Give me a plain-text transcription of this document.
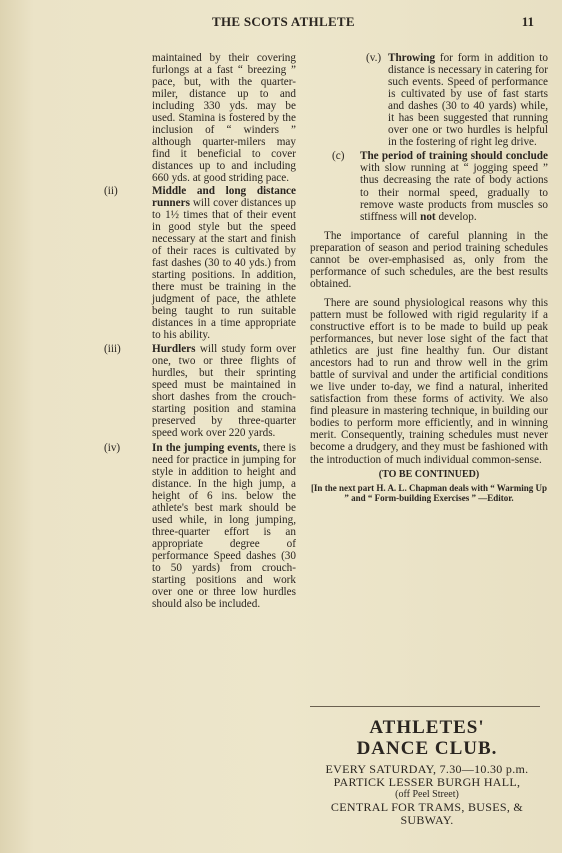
THE SCOTS ATHLETE	11
maintained by their covering furlongs at a fast “ breezing ” pace, but, with the quarter-miler, distance up to and including 330 yds. may be used. Stamina is fostered by the inclusion of “ winders ” although quarter-milers may find it beneficial to cover distances up to and including 660 yds. at good striding pace.
(ii)	Middle and long distance runners will cover distances up to 1½ times that of their event in good style but the speed necessary at the start and finish of their races is cultivated by fast dashes (30 to 40 yds.) from starting positions. In addition, there must be training in the judgment of pace, the athlete being taught to run suitable distances in a time appropriate to his ability.
(iii)	Hurdlers will study form over one, two or three flights of hurdles, but their sprinting speed must be maintained in short dashes from the crouch-starting position and stamina preserved by three-quarter speed work over 220 yards.
(iv)	In the jumping events, there is need for practice in jumping for style in addition to height and distance. In the high jump, a height of 6 ins. below the athlete's best mark should be used while, in long jumping, three-quarter effort is an appropriate degree of performance Speed dashes (30 to 50 yards) from crouch-starting positions and work over one or three low hurdles should also be included.
(v.) Throwing for form in addition to distance is necessary in catering for such events. Speed of performance is cultivated by use of fast starts and dashes (30 to 40 yards) while, it has been suggested that running over one or two hurdles is helpful in the fostering of right leg drive.
(c) The period of training should conclude with slow running at “ jogging speed ” thus decreasing the rate of body actions to their normal speed, gradually to remove waste products from muscles so stiffness will not develop.
The importance of careful planning in the preparation of season and period training schedules cannot be over-emphasised as, only from the performance of such schedules, are the best results obtained.
There are sound physiological reasons why this pattern must be followed with rigid regularity if a constructive effort is to be made to build up peak performances, but never lose sight of the fact that athletics are just fine healthy fun. Our distant ancestors had to run and throw well in the grim battle of survival and under the artificial conditions we live under to-day, we find a natural, inherited satisfaction from these forms of activity. We also find pleasure in mastering technique, in building our bodies to perform more efficiently, and in winning merit. Consequently, training schedules must never become a drudgery, and they must be fashioned with the introduction of much individual common-sense.
(TO BE CONTINUED)
[In the next part H. A. L. Chapman deals with “ Warming Up ” and “ Form-building Exercises ” —Editor.
ATHLETES'
DANCE CLUB.
EVERY SATURDAY, 7.30—10.30 p.m.
PARTICK LESSER BURGH HALL,
(off Peel Street)
CENTRAL FOR TRAMS, BUSES, & SUBWAY.
